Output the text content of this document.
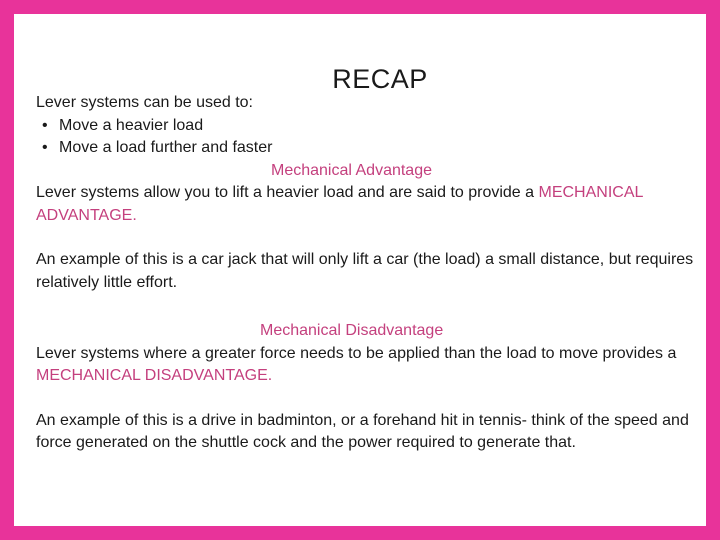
RECAP

Lever systems can be used to:

• Move a heavier load
• Move a load further and faster
Mechanical Advantage

Lever systems allow you to lift a heavier load and are said to provide a MECHANICAL ADVANTAGE.

An example of this is a car jack that will only lift a car (the load) a small distance, but requires relatively little effort.

Mechanical Disadvantage

Lever systems where a greater force needs to be applied than the load to move provides a MECHANICAL DISADVANTAGE.

An example of this is a drive in badminton, or a forehand hit in tennis- think of the speed and force generated on the shuttle cock and the power required to generate that.
